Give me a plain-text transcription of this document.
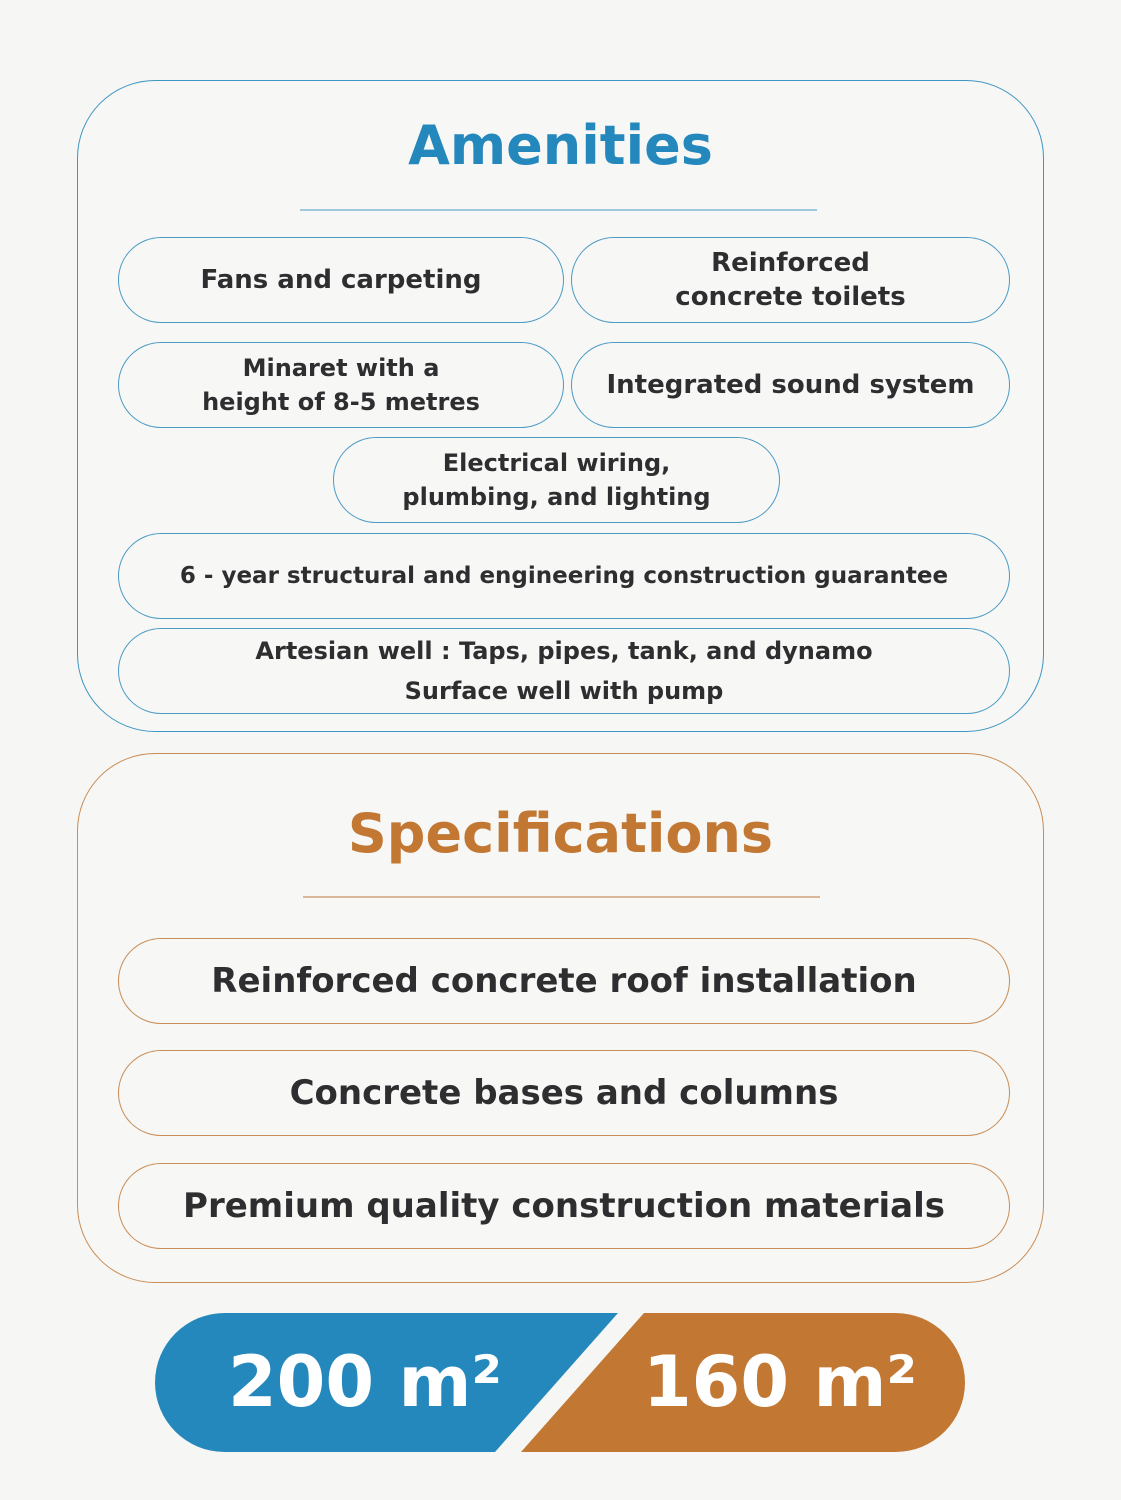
Amenities
Fans and carpeting
Reinforced
concrete toilets
Minaret with a
height of 8-5 metres
Integrated sound system
Electrical wiring,
plumbing, and lighting
6 - year structural and engineering construction guarantee
Artesian well : Taps, pipes, tank, and dynamo
Surface well with pump
Specifications
Reinforced concrete roof installation
Concrete bases and columns
Premium quality construction materials
200 m²	160 m²
